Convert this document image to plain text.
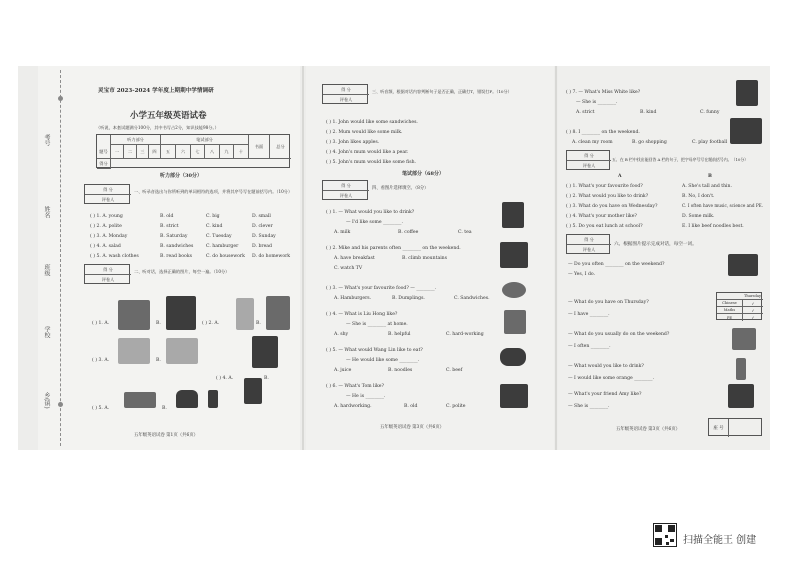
考号
姓名
班级
学校
乡(镇)
灵宝市 2023-2024 学年度上期期中学情调研
小学五年级英语试卷
（听说，本套试题满分100分，其中书写占2分，知识技能98分。）
听力部分	笔试部分
书面	总分
题号	一	二	三	四	五	六	七	八	九	十
得分
听力部分（30分）
得 分
评卷人
一、听录音选出与你所听到的单词相符的选项，并将其序号写在题前括号内。（10分）
( ) 1. A. young	B. old	C. big	D. small
( ) 2. A. polite	B. strict	C. kind	D. clever
( ) 3. A. Monday	B. Saturday	C. Tuesday	D. Sunday
( ) 4. A. salad	B. sandwiches	C. hamburger	D. bread
( ) 5. A. wash clothes	B. read books	C. do housework D. do homework
得 分
评卷人
二、听对话，选择正确的图片，每空一遍。（10分）
( ) 1. A.	B.	( ) 2. A.	B.
( ) 3. A.	B.
( ) 4. A.	B.
( ) 5. A.	B.
五年级英语试卷 第1页（共6页）
得 分
评卷人
三、听音频，根据对话内容判断句子是否正确，正确打T，错误打F。（10分）
( ) 1. John would like some sandwiches.
( ) 2. Mum would like some milk.
( ) 3. John likes apples.
( ) 4. John's mum would like a pear.
( ) 5. John's mum would like some fish.
笔试部分（68分）
得 分
评卷人
四、看图片选择填空。（8分）
( ) 1. — What would you like to drink?
— I'd like some ________.
A. milk	B. coffee	C. tea
( ) 2. Mike and his parents often ________ on the weekend.
A. have breakfast	B. climb mountains
C. watch TV
( ) 3. — What's your favourite food? — ________.
A. Hamburgers.	B. Dumplings.	C. Sandwiches.
( ) 4. — What is Liu Hong like?
— She is ________ at home.
A. shy	B. helpful	C. hard-working
( ) 5. — What would Wang Lin like to eat?
— He would like some ________.
A. juice	B. noodles	C. beef
( ) 6. — What's Tom like?
— He is ________.
A. hardworking.	B. old	C. polite
五年级英语试卷 第3页（共6页）
( ) 7. — What's Miss White like?
— She is ________.
A. strict	B. kind	C. funny
( ) 8. I ________ on the weekend.
A. clean my room	B. go shopping	C. play football
得 分
评卷人
五、在 B 栏中找出能回答 A 栏的句子，把字母序号写在题前括号内。（10分）
A	B
( ) 1. What's your favourite food?	A. She's tall and thin.
( ) 2. What would you like to drink?	B. No, I don't.
( ) 3. What do you have on Wednesday?	C. I often have music, science and PE.
( ) 4. What's your mother like?	D. Some milk.
( ) 5. Do you eat lunch at school?	E. I like beef noodles best.
得 分
评卷人
六、根据图片提示完成对话，每空一词。
— Do you often ________ on the weekend?
— Yes, I do.
— What do you have on Thursday?
— I have ________.
Thursday
Chinese	✓
Maths	✓
PE	✓
— What do you usually do on the weekend?
— I often ________.
— What would you like to drink?
— I would like some orange ________.
— What's your friend Amy like?
— She is ________.
五年级英语试卷 第3页（共6页）	座 号
扫描全能王 创建
